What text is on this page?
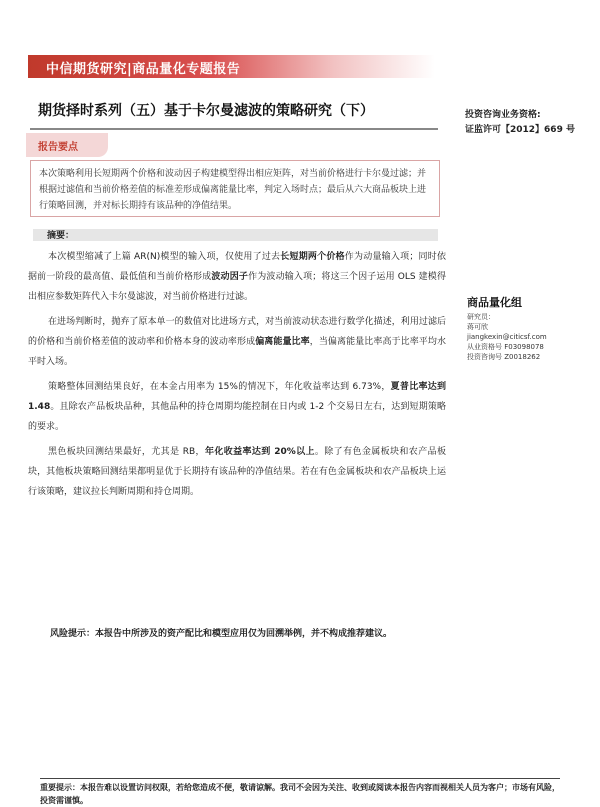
中信期货研究|商品量化专题报告
期货择时系列（五）基于卡尔曼滤波的策略研究（下）	投资咨询业务资格:
证监许可【2012】669 号
报告要点
本次策略利用长短期两个价格和波动因子构建模型得出相应矩阵，对当前价格进行卡尔曼过滤；并根据过滤值和当前价格差值的标准差形成偏离能量比率，判定入场时点；最后从六大商品板块上进行策略回测，并对标长期持有该品种的净值结果。
摘要：

本次模型缩减了上篇 AR(N)模型的输入项，仅使用了过去长短期两个价格作为动量输入项；同时依据前一阶段的最高值、最低值和当前价格形成波动因子作为波动输入项；将这三个因子运用 OLS 建模得出相应参数矩阵代入卡尔曼滤波，对当前价格进行过滤。

在进场判断时，抛弃了原本单一的数值对比进场方式，对当前波动状态进行数学化描述，利用过滤后的价格和当前价格差值的波动率和价格本身的波动率形成偏离能量比率，当偏离能量比率高于比率平均水平时入场。

策略整体回测结果良好，在本金占用率为 15%的情况下，年化收益率达到 6.73%，夏普比率达到 1.48。且除农产品板块品种，其他品种的持仓周期均能控制在日内或 1-2 个交易日左右，达到短期策略的要求。

黑色板块回测结果最好，尤其是 RB，年化收益率达到 20%以上。除了有色金属板块和农产品板块，其他板块策略回测结果都明显优于长期持有该品种的净值结果。若在有色金属板块和农产品板块上运行该策略，建议拉长判断周期和持仓周期。

商品量化组
研究员：
蒋可欣
jiangkexin@citicsf.com
从业资格号 F03098078
投资咨询号 Z0018262
风险提示：本报告中所涉及的资产配比和模型应用仅为回溯举例，并不构成推荐建议。
重要提示：本报告难以设置访问权限，若给您造成不便，敬请谅解。我司不会因为关注、收到或阅读本报告内容而视相关人员为客户；市场有风险，投资需谨慎。
